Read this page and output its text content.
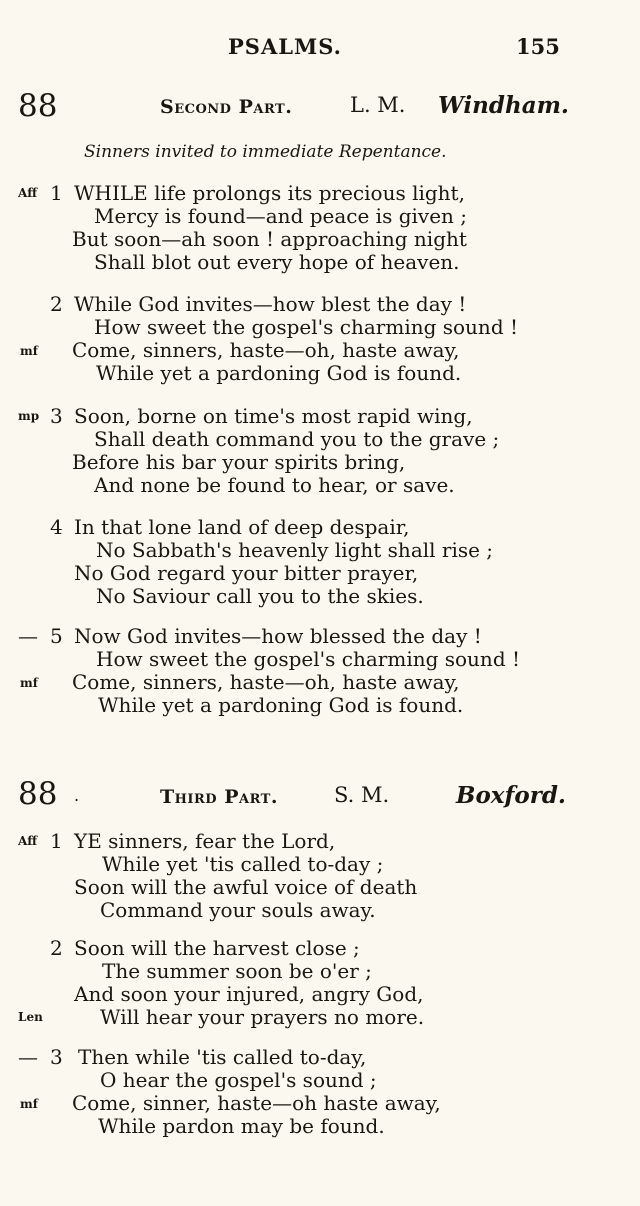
PSALMS.	155
88	Second Part.	L. M. Windham.
Sinners invited to immediate Repentance.
Aff 1 WHILE life prolongs its precious light,
Mercy is found—and peace is given ;
But soon—ah soon ! approaching night
Shall blot out every hope of heaven.
2 While God invites—how blest the day !
How sweet the gospel's charming sound !
mf Come, sinners, haste—oh, haste away,
While yet a pardoning God is found.
mp 3 Soon, borne on time's most rapid wing,
Shall death command you to the grave ;
Before his bar your spirits bring,
And none be found to hear, or save.
4 In that lone land of deep despair,
No Sabbath's heavenly light shall rise ;
No God regard your bitter prayer,
No Saviour call you to the skies.
— 5 Now God invites—how blessed the day !
How sweet the gospel's charming sound !
mf Come, sinners, haste—oh, haste away,
While yet a pardoning God is found.
88 .	Third Part.	S. M.	Boxford.
Aff 1 YE sinners, fear the Lord,
While yet 'tis called to-day ;
Soon will the awful voice of death
Command your souls away.
2 Soon will the harvest close ;
The summer soon be o'er ;
And soon your injured, angry God,
Len	Will hear your prayers no more.
— 3 Then while 'tis called to-day,
O hear the gospel's sound ;
mf Come, sinner, haste—oh haste away,
While pardon may be found.
